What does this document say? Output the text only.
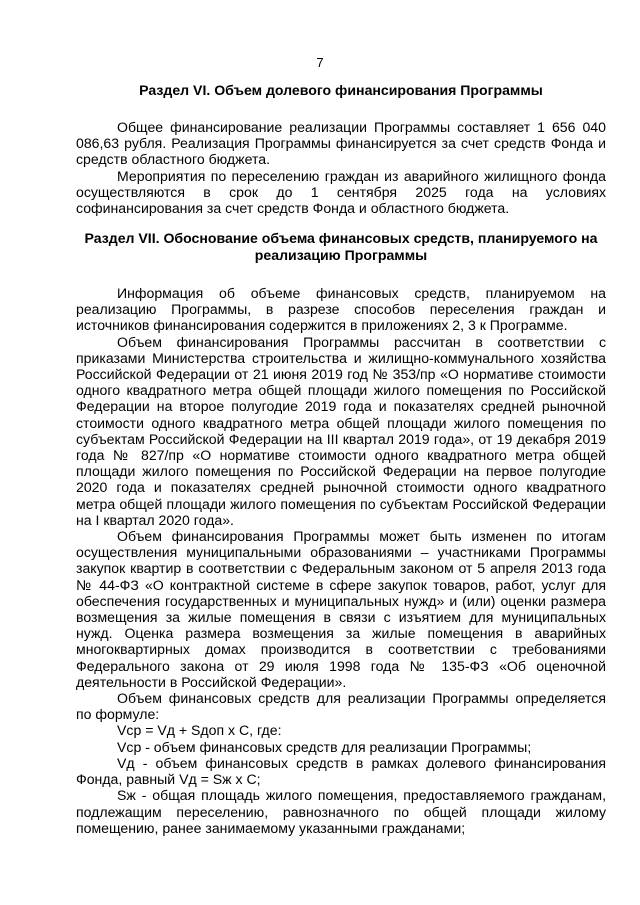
7
Раздел VI. Объем долевого финансирования Программы

Общее финансирование реализации Программы составляет 1 656 040 086,63 рубля. Реализация Программы финансируется за счет средств Фонда и средств областного бюджета.

Мероприятия по переселению граждан из аварийного жилищного фонда осуществляются в срок до 1 сентября 2025 года на условиях софинансирования за счет средств Фонда и областного бюджета.

Раздел VII. Обоснование объема финансовых средств, планируемого на реализацию Программы

Информация об объеме финансовых средств, планируемом на реализацию Программы, в разрезе способов переселения граждан и источников финансирования содержится в приложениях 2, 3 к Программе.

Объем финансирования Программы рассчитан в соответствии с приказами Министерства строительства и жилищно-коммунального хозяйства Российской Федерации от 21 июня 2019 год № 353/пр «О нормативе стоимости одного квадратного метра общей площади жилого помещения по Российской Федерации на второе полугодие 2019 года и показателях средней рыночной стоимости одного квадратного метра общей площади жилого помещения по субъектам Российской Федерации на III квартал 2019 года», от 19 декабря 2019 года № 827/пр «О нормативе стоимости одного квадратного метра общей площади жилого помещения по Российской Федерации на первое полугодие 2020 года и показателях средней рыночной стоимости одного квадратного метра общей площади жилого помещения по субъектам Российской Федерации на I квартал 2020 года».

Объем финансирования Программы может быть изменен по итогам осуществления муниципальными образованиями – участниками Программы закупок квартир в соответствии с Федеральным законом от 5 апреля 2013 года № 44-ФЗ «О контрактной системе в сфере закупок товаров, работ, услуг для обеспечения государственных и муниципальных нужд» и (или) оценки размера возмещения за жилые помещения в связи с изъятием для муниципальных нужд. Оценка размера возмещения за жилые помещения в аварийных многоквартирных домах производится в соответствии с требованиями Федерального закона от 29 июля 1998 года № 135-ФЗ «Об оценочной деятельности в Российской Федерации».

Объем финансовых средств для реализации Программы определяется по формуле:

Vср = Vд + Sдоп x С, где:

Vср - объем финансовых средств для реализации Программы;

Vд - объем финансовых средств в рамках долевого финансирования Фонда, равный Vд = Sж x С;

Sж - общая площадь жилого помещения, предоставляемого гражданам, подлежащим переселению, равнозначного по общей площади жилому помещению, ранее занимаемому указанными гражданами;
